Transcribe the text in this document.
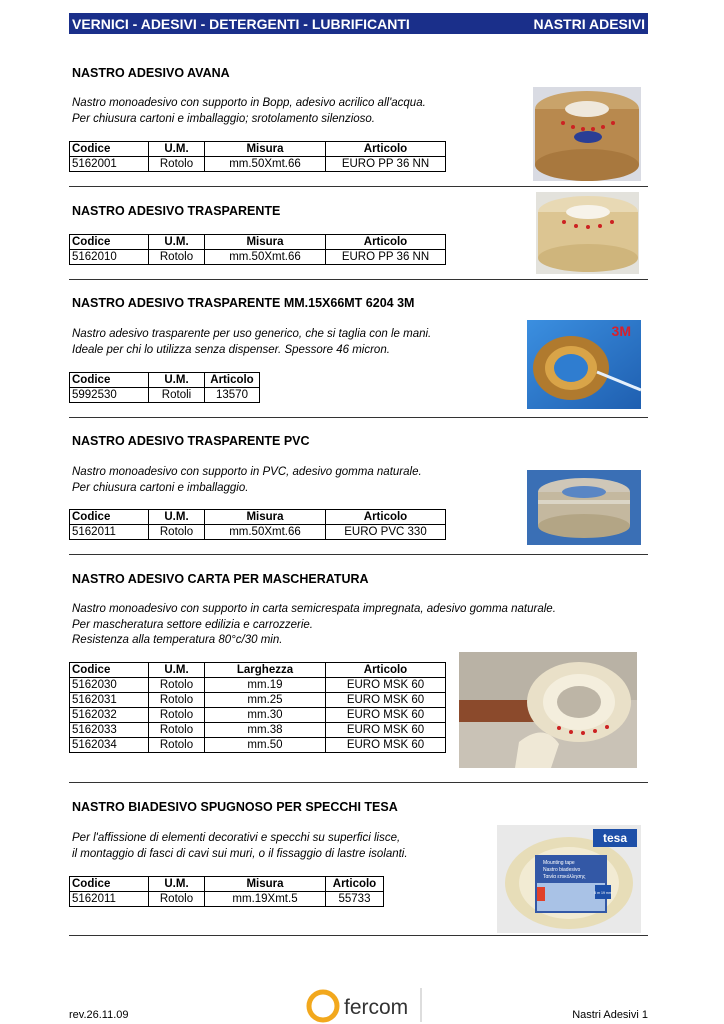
VERNICI - ADESIVI - DETERGENTI - LUBRIFICANTI	NASTRI ADESIVI
NASTRO ADESIVO AVANA
Nastro monoadesivo con supporto in Bopp, adesivo acrilico all'acqua.
Per chiusura cartoni e imballaggio; srotolamento silenzioso.
Codice	U.M.	Misura	Articolo
5162001	Rotolo	mm.50Xmt.66	EURO PP 36 NN
NASTRO ADESIVO TRASPARENTE
Codice	U.M.	Misura	Articolo
5162010	Rotolo	mm.50Xmt.66	EURO PP 36 NN
NASTRO ADESIVO TRASPARENTE MM.15X66MT 6204 3M
Nastro adesivo trasparente per uso generico, che si taglia con le mani.
Ideale per chi lo utilizza senza dispenser. Spessore 46 micron.
Codice	U.M.	Articolo
5992530	Rotoli	13570
3M
NASTRO ADESIVO TRASPARENTE PVC
Nastro monoadesivo con supporto in PVC, adesivo gomma naturale.
Per chiusura cartoni e imballaggio.
Codice	U.M.	Misura	Articolo
5162011	Rotolo	mm.50Xmt.66	EURO PVC 330
NASTRO ADESIVO CARTA PER MASCHERATURA
Nastro monoadesivo con supporto in carta semicrespata impregnata, adesivo gomma naturale.
Per mascheratura settore edilizia e carrozzerie.
Resistenza alla temperatura 80°c/30 min.
Codice	U.M.	Larghezza	Articolo
5162030	Rotolo	mm.19	EURO MSK 60
5162031	Rotolo	mm.25	EURO MSK 60
5162032	Rotolo	mm.30	EURO MSK 60
5162033	Rotolo	mm.38	EURO MSK 60
5162034	Rotolo	mm.50	EURO MSK 60
NASTRO BIADESIVO SPUGNOSO PER SPECCHI TESA
Per l'affissione di elementi decorativi e specchi su superfici lisce,
il montaggio di fasci di cavi sui muri, o il fissaggio di lastre isolanti.
Codice	U.M.	Misura	Articolo
5162011	Rotolo	mm.19Xmt.5	55733
tesa
Mounting tape
Nastro biadesivo
Ταινία επικόλλησης
5 m 19 mm
rev.26.11.09	fercom	Nastri Adesivi 1
